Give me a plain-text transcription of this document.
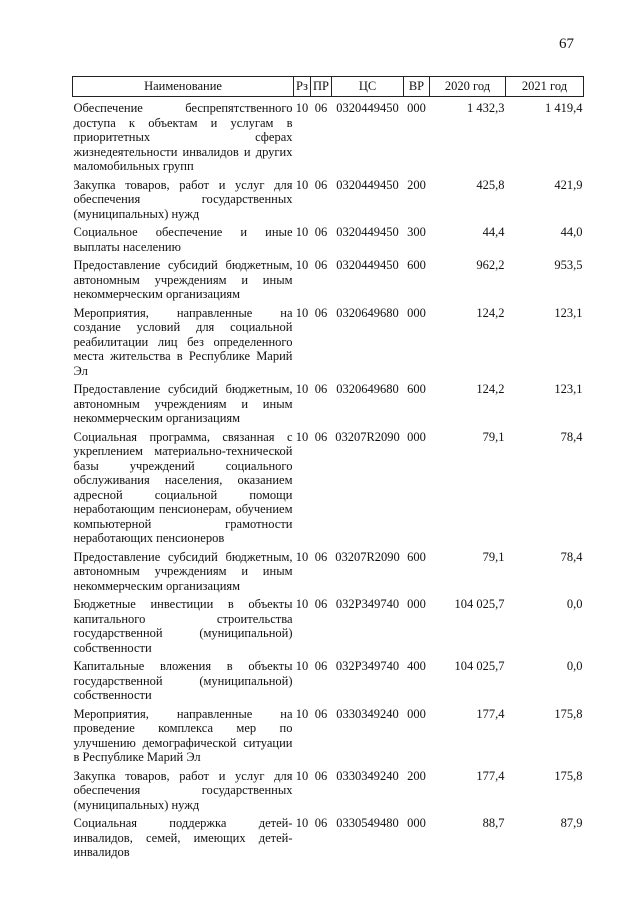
67
Наименование	Рз	ПР	ЦС	ВР	2020 год	2021 год
Обеспечение беспрепятственного доступа к объектам и услугам в приоритетных сферах жизнедеятельности инвалидов и других маломобильных групп	10	06	0320449450	000	1 432,3	1 419,4
Закупка товаров, работ и услуг для обеспечения государственных (муниципальных) нужд	10	06	0320449450	200	425,8	421,9
Социальное обеспечение и иные выплаты населению	10	06	0320449450	300	44,4	44,0
Предоставление субсидий бюджетным, автономным учреждениям и иным некоммерческим организациям	10	06	0320449450	600	962,2	953,5
Мероприятия, направленные на создание условий для социальной реабилитации лиц без определенного места жительства в Республике Марий Эл	10	06	0320649680	000	124,2	123,1
Предоставление субсидий бюджетным, автономным учреждениям и иным некоммерческим организациям	10	06	0320649680	600	124,2	123,1
Социальная программа, связанная с укреплением материально-технической базы учреждений социального обслуживания населения, оказанием адресной социальной помощи неработающим пенсионерам, обучением компьютерной грамотности неработающих пенсионеров	10	06	03207R2090	000	79,1	78,4
Предоставление субсидий бюджетным, автономным учреждениям и иным некоммерческим организациям	10	06	03207R2090	600	79,1	78,4
Бюджетные инвестиции в объекты капитального строительства государственной (муниципальной) собственности	10	06	032P349740	000	104 025,7	0,0
Капитальные вложения в объекты государственной (муниципальной) собственности	10	06	032P349740	400	104 025,7	0,0
Мероприятия, направленные на проведение комплекса мер по улучшению демографической ситуации в Республике Марий Эл	10	06	0330349240	000	177,4	175,8
Закупка товаров, работ и услуг для обеспечения государственных (муниципальных) нужд	10	06	0330349240	200	177,4	175,8
Социальная поддержка детей-инвалидов, семей, имеющих детей-инвалидов	10	06	0330549480	000	88,7	87,9
